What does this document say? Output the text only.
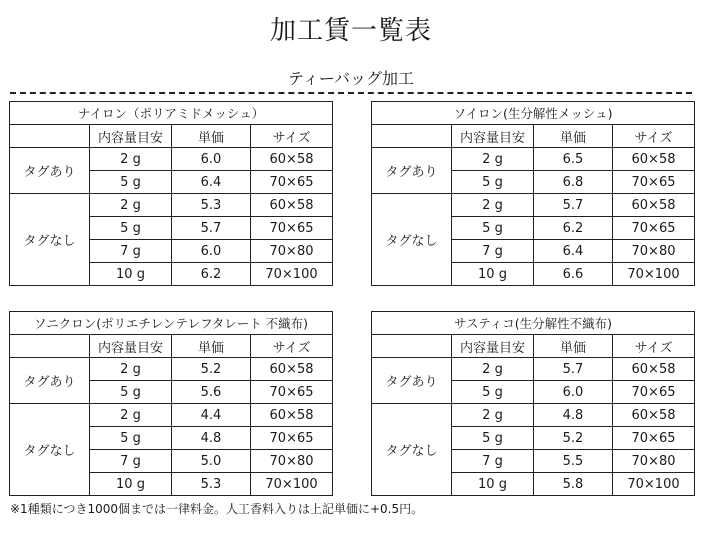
加工賃一覧表
ティーバッグ加工
ナイロン（ポリアミドメッシュ）			
	内容量目安	単価	サイズ
タグあり	2 g	6.0	60×58
	5 g	6.4	70×65
タグなし	2 g	5.3	60×58
	5 g	5.7	70×65
	7 g	6.0	70×80
	10 g	6.2	70×100
ソイロン(生分解性メッシュ)			
	内容量目安	単価	サイズ
タグあり	2 g	6.5	60×58
	5 g	6.8	70×65
タグなし	2 g	5.7	60×58
	5 g	6.2	70×65
	7 g	6.4	70×80
	10 g	6.6	70×100
ソニクロン(ポリエチレンテレフタレート 不織布)			
	内容量目安	単価	サイズ
タグあり	2 g	5.2	60×58
	5 g	5.6	70×65
タグなし	2 g	4.4	60×58
	5 g	4.8	70×65
	7 g	5.0	70×80
	10 g	5.3	70×100
サスティコ(生分解性不織布)			
	内容量目安	単価	サイズ
タグあり	2 g	5.7	60×58
	5 g	6.0	70×65
タグなし	2 g	4.8	60×58
	5 g	5.2	70×65
	7 g	5.5	70×80
	10 g	5.8	70×100
※1種類につき1000個までは一律料金。人工香料入りは上記単価に+0.5円。
